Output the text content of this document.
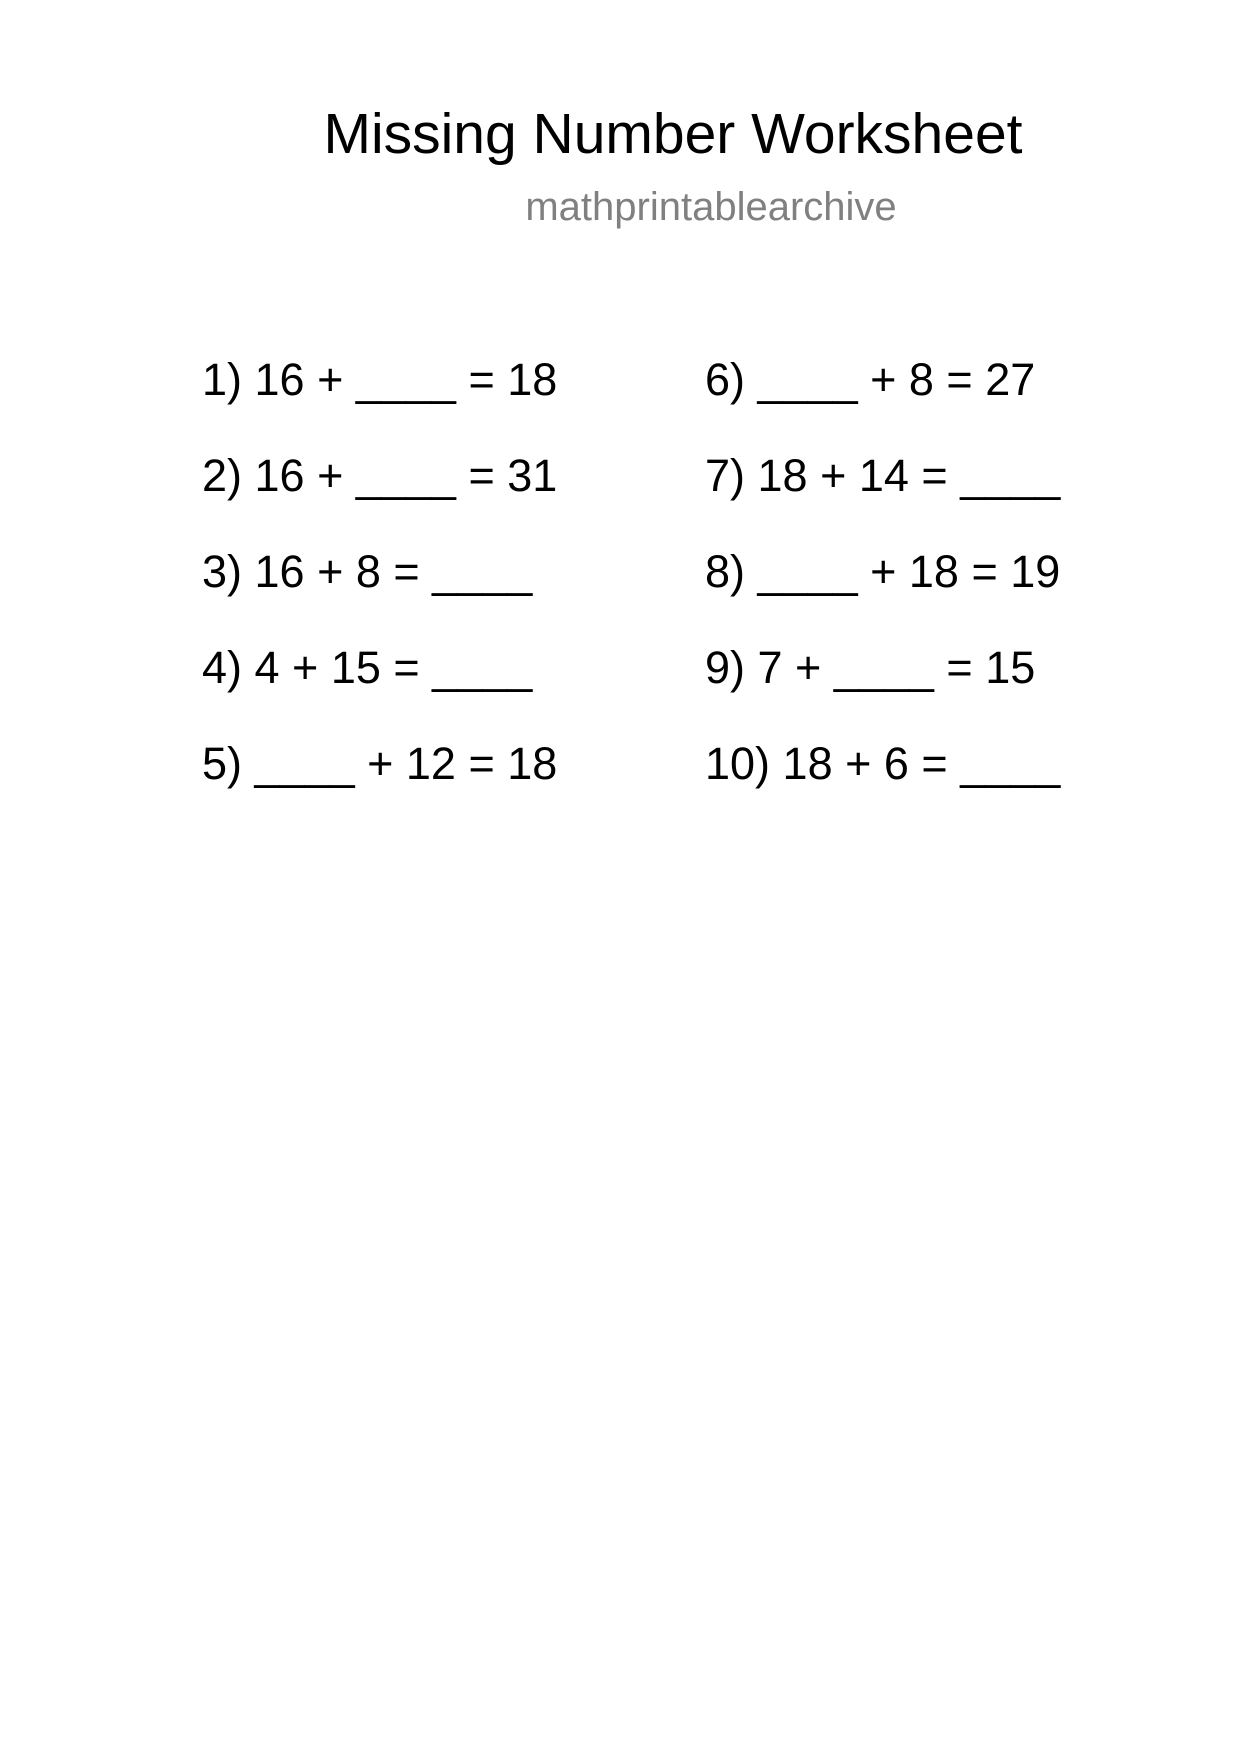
Missing Number Worksheet
mathprintablearchive
1) 16 + ____ = 18
2) 16 + ____ = 31
3) 16 + 8 = ____
4) 4 + 15 = ____
5) ____ + 12 = 18
6) ____ + 8 = 27
7) 18 + 14 = ____
8) ____ + 18 = 19
9) 7 + ____ = 15
10) 18 + 6 = ____
